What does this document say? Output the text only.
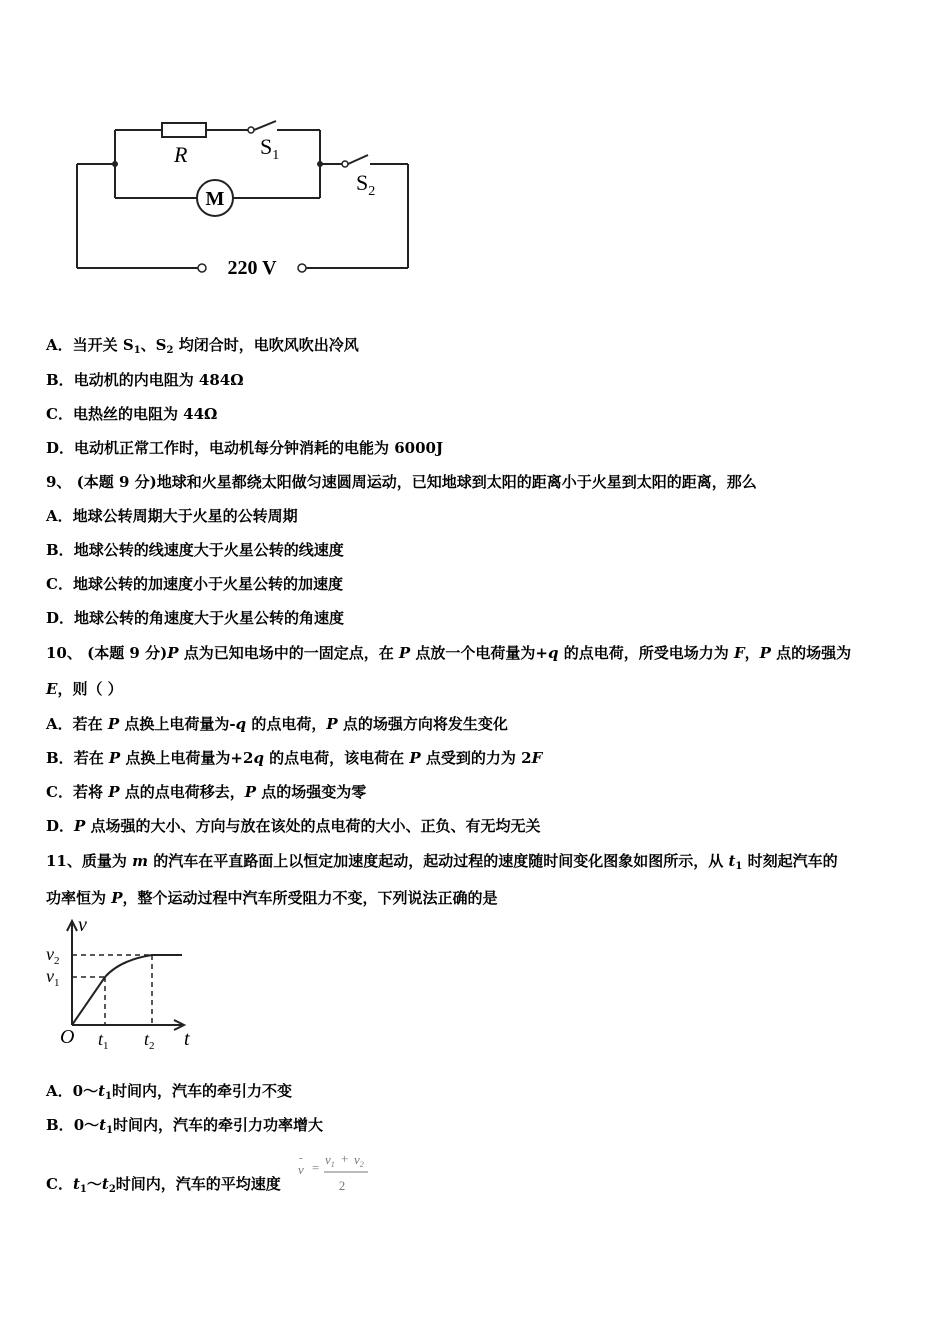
R	$S_1$
$S_2$
M
220 V
A．当开关 $S_1$、$S_2$ 均闭合时，电吹风吹出冷风
B．电动机的内电阻为 484Ω
C．电热丝的电阻为 44Ω
D．电动机正常工作时，电动机每分钟消耗的电能为 6000J
9、 (本题 9 分)地球和火星都绕太阳做匀速圆周运动，已知地球到太阳的距离小于火星到太阳的距离，那么
A．地球公转周期大于火星的公转周期
B．地球公转的线速度大于火星公转的线速度
C．地球公转的加速度小于火星公转的加速度
D．地球公转的角速度大于火星公转的角速度
10、 (本题 9 分)P 点为已知电场中的一固定点，在 P 点放一个电荷量为+q 的点电荷，所受电场力为 F，P 点的场强为
E，则（ ）
A．若在 P 点换上电荷量为-q 的点电荷，P 点的场强方向将发生变化
B．若在 P 点换上电荷量为+2q 的点电荷，该电荷在 P 点受到的力为 2F
C．若将 P 点的点电荷移去，P 点的场强变为零
D．P 点场强的大小、方向与放在该处的点电荷的大小、正负、有无均无关
11、质量为 m 的汽车在平直路面上以恒定加速度起动，起动过程的速度随时间变化图象如图所示，从 $t_1$ 时刻起汽车的
功率恒为 P，整个运动过程中汽车所受阻力不变，下列说法正确的是
v
t
O
$v_2$
$v_1$
$t_1$ $t_2$
A．$0\sim t_1$时间内，汽车的牵引力不变
B．$0\sim t_1$时间内，汽车的牵引力功率增大
C．$t_1\sim t_2$时间内，汽车的平均速度
-
v =
$v_1 + v_2$
2
